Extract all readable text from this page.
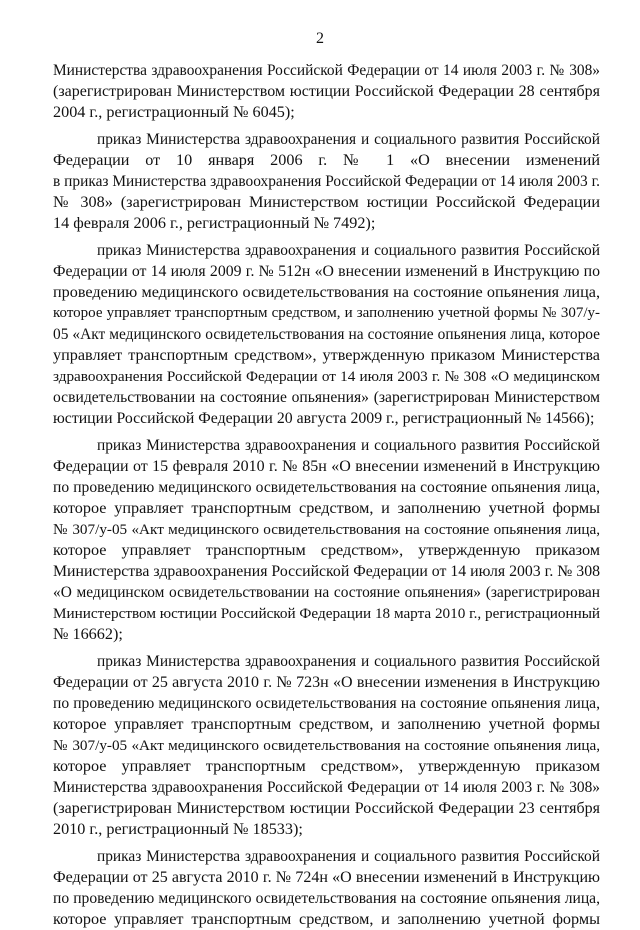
2
Министерства здравоохранения Российской Федерации от 14 июля 2003 г. № 308»
(зарегистрирован Министерством юстиции Российской Федерации 28 сентября
2004 г., регистрационный № 6045);
приказ Министерства здравоохранения и социального развития Российской
Федерации от 10 января 2006 г. № 1 «О внесении изменений
в приказ Министерства здравоохранения Российской Федерации от 14 июля 2003 г.
№ 308» (зарегистрирован Министерством юстиции Российской Федерации
14 февраля 2006 г., регистрационный № 7492);
приказ Министерства здравоохранения и социального развития Российской
Федерации от 14 июля 2009 г. № 512н «О внесении изменений в Инструкцию по
проведению медицинского освидетельствования на состояние опьянения лица,
которое управляет транспортным средством, и заполнению учетной формы № 307/у-
05 «Акт медицинского освидетельствования на состояние опьянения лица, которое
управляет транспортным средством», утвержденную приказом Министерства
здравоохранения Российской Федерации от 14 июля 2003 г. № 308 «О медицинском
освидетельствовании на состояние опьянения» (зарегистрирован Министерством
юстиции Российской Федерации 20 августа 2009 г., регистрационный № 14566);
приказ Министерства здравоохранения и социального развития Российской
Федерации от 15 февраля 2010 г. № 85н «О внесении изменений в Инструкцию
по проведению медицинского освидетельствования на состояние опьянения лица,
которое управляет транспортным средством, и заполнению учетной формы
№ 307/у-05 «Акт медицинского освидетельствования на состояние опьянения лица,
которое управляет транспортным средством», утвержденную приказом
Министерства здравоохранения Российской Федерации от 14 июля 2003 г. № 308
«О медицинском освидетельствовании на состояние опьянения» (зарегистрирован
Министерством юстиции Российской Федерации 18 марта 2010 г., регистрационный
№ 16662);
приказ Министерства здравоохранения и социального развития Российской
Федерации от 25 августа 2010 г. № 723н «О внесении изменения в Инструкцию
по проведению медицинского освидетельствования на состояние опьянения лица,
которое управляет транспортным средством, и заполнению учетной формы
№ 307/у-05 «Акт медицинского освидетельствования на состояние опьянения лица,
которое управляет транспортным средством», утвержденную приказом
Министерства здравоохранения Российской Федерации от 14 июля 2003 г. № 308»
(зарегистрирован Министерством юстиции Российской Федерации 23 сентября
2010 г., регистрационный № 18533);
приказ Министерства здравоохранения и социального развития Российской
Федерации от 25 августа 2010 г. № 724н «О внесении изменений в Инструкцию
по проведению медицинского освидетельствования на состояние опьянения лица,
которое управляет транспортным средством, и заполнению учетной формы
